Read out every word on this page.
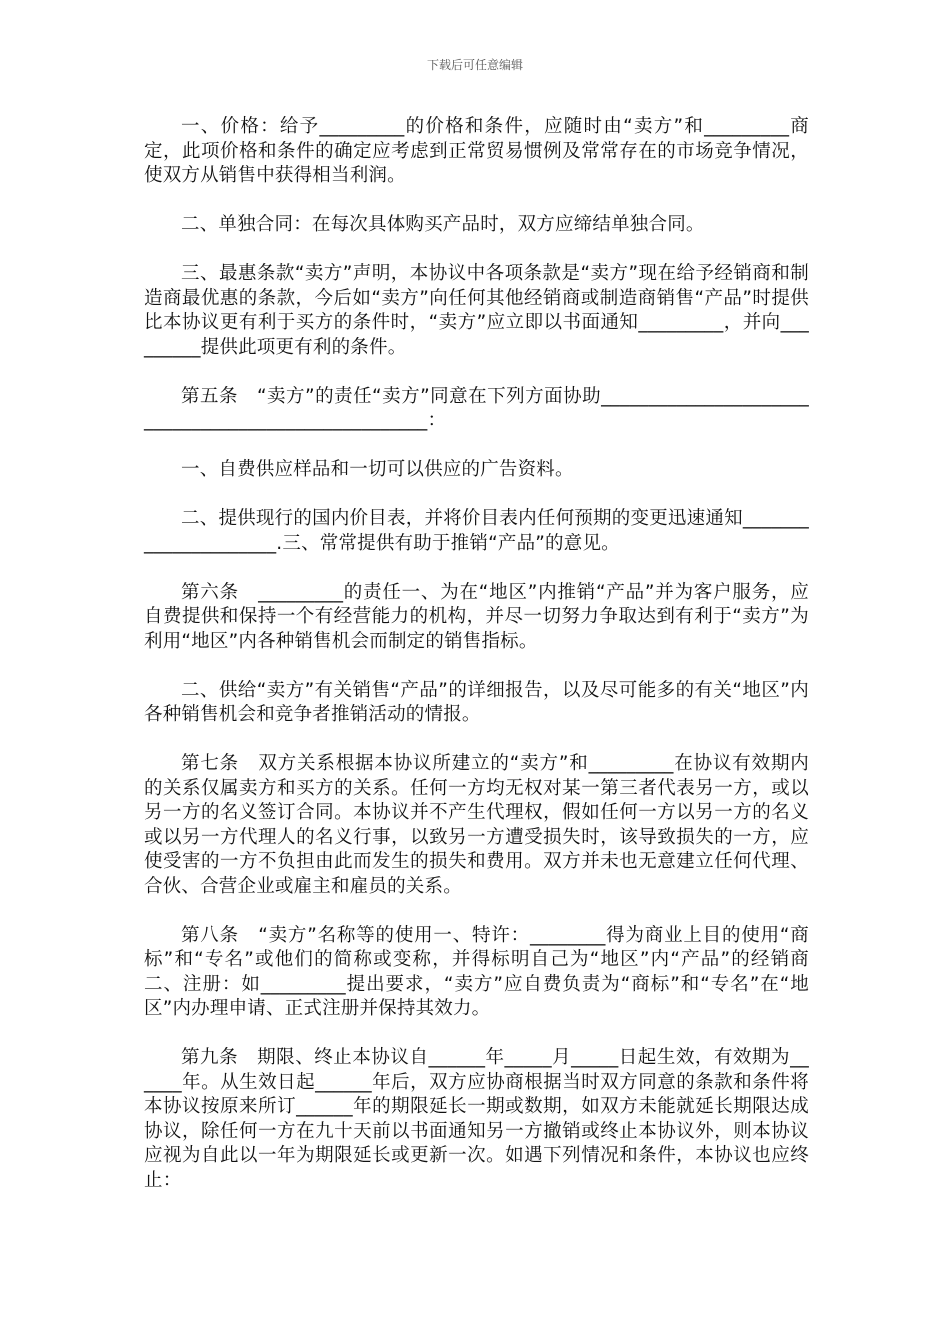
下载后可任意编辑

一、价格：给予_________的价格和条件，应随时由“卖方”和_________商定，此项价格和条件的确定应考虑到正常贸易惯例及常常存在的市场竞争情况，使双方从销售中获得相当利润。

二、单独合同：在每次具体购买产品时，双方应缔结单独合同。

三、最惠条款“卖方”声明，本协议中各项条款是“卖方”现在给予经销商和制造商最优惠的条款，今后如“卖方”向任何其他经销商或制造商销售“产品”时提供比本协议更有利于买方的条件时，“卖方”应立即以书面通知_________，并向_________提供此项更有利的条件。

第五条　“卖方”的责任“卖方”同意在下列方面协助____________________________________________________：

一、自费供应样品和一切可以供应的广告资料。

二、提供现行的国内价目表，并将价目表内任何预期的变更迅速通知_____________________.三、常常提供有助于推销“产品”的意见。

第六条　_________的责任一、为在“地区”内推销“产品”并为客户服务，应自费提供和保持一个有经营能力的机构，并尽一切努力争取达到有利于“卖方”为利用“地区”内各种销售机会而制定的销售指标。

二、供给“卖方”有关销售“产品”的详细报告，以及尽可能多的有关“地区”内各种销售机会和竞争者推销活动的情报。

第七条　双方关系根据本协议所建立的“卖方”和_________在协议有效期内的关系仅属卖方和买方的关系。任何一方均无权对某一第三者代表另一方，或以另一方的名义签订合同。本协议并不产生代理权，假如任何一方以另一方的名义或以另一方代理人的名义行事，以致另一方遭受损失时，该导致损失的一方，应使受害的一方不负担由此而发生的损失和费用。双方并未也无意建立任何代理、合伙、合营企业或雇主和雇员的关系。

第八条　“卖方”名称等的使用一、特许：________得为商业上目的使用“商标”和“专名”或他们的简称或变称，并得标明自己为“地区”内“产品”的经销商二、注册：如_________提出要求，“卖方”应自费负责为“商标”和“专名”在“地区”内办理申请、正式注册并保持其效力。

第九条　期限、终止本协议自______年_____月_____日起生效，有效期为______年。从生效日起______年后，双方应协商根据当时双方同意的条款和条件将本协议按原来所订______年的期限延长一期或数期，如双方未能就延长期限达成协议，除任何一方在九十天前以书面通知另一方撤销或终止本协议外，则本协议应视为自此以一年为期限延长或更新一次。如遇下列情况和条件，本协议也应终止：
